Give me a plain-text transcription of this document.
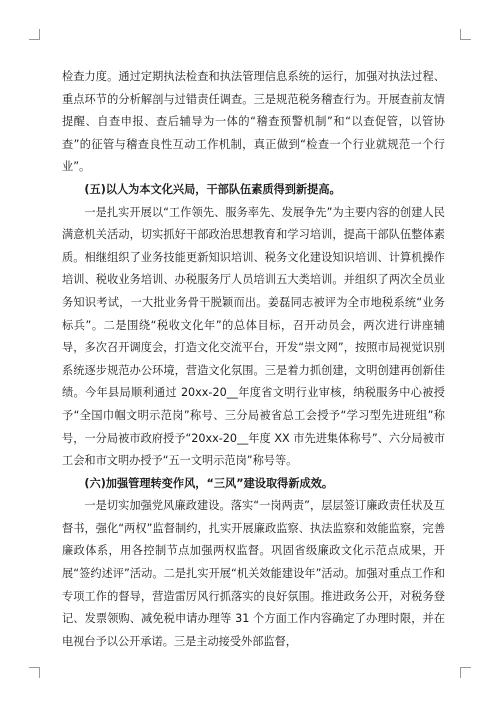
检查力度。通过定期执法检查和执法管理信息系统的运行，加强对执法过程、重点环节的分析解剖与过错责任调查。三是规范税务稽查行为。开展查前友情提醒、自查申报、查后辅导为一体的“稽查预警机制”和“以查促管，以管协查”的征管与稽查良性互动工作机制，真正做到“检查一个行业就规范一个行业”。

(五)以人为本文化兴局，干部队伍素质得到新提高。

一是扎实开展以“工作领先、服务率先、发展争先”为主要内容的创建人民满意机关活动，切实抓好干部政治思想教育和学习培训，提高干部队伍整体素质。相继组织了业务技能更新知识培训、税务文化建设知识培训、计算机操作培训、税收业务培训、办税服务厅人员培训五大类培训。并组织了两次全员业务知识考试，一大批业务骨干脱颖而出。姜磊同志被评为全市地税系统“业务标兵”。二是围绕“税收文化年”的总体目标，召开动员会，两次进行讲座辅导，多次召开调度会，打造文化交流平台，开发“崇文网”，按照市局视觉识别系统逐步规范办公环境，营造文化氛围。三是着力抓创建，文明创建再创新佳绩。今年县局顺利通过 20xx-20__年度省文明行业审核，纳税服务中心被授予“全国巾帼文明示范岗”称号、三分局被省总工会授予“学习型先进班组”称号，一分局被市政府授予“20xx-20__年度 XX 市先进集体称号”、六分局被市工会和市文明办授予“五一文明示范岗”称号等。

(六)加强管理转变作风，“三风”建设取得新成效。

一是切实加强党风廉政建设。落实“一岗两责”，层层签订廉政责任状及互督书，强化“两权”监督制约，扎实开展廉政监察、执法监察和效能监察，完善廉政体系，用各控制节点加强两权监督。巩固省级廉政文化示范点成果，开展“签约述评”活动。二是扎实开展“机关效能建设年”活动。加强对重点工作和专项工作的督导，营造雷厉风行抓落实的良好氛围。推进政务公开，对税务登记、发票领购、减免税申请办理等 31 个方面工作内容确定了办理时限，并在电视台予以公开承诺。三是主动接受外部监督，
